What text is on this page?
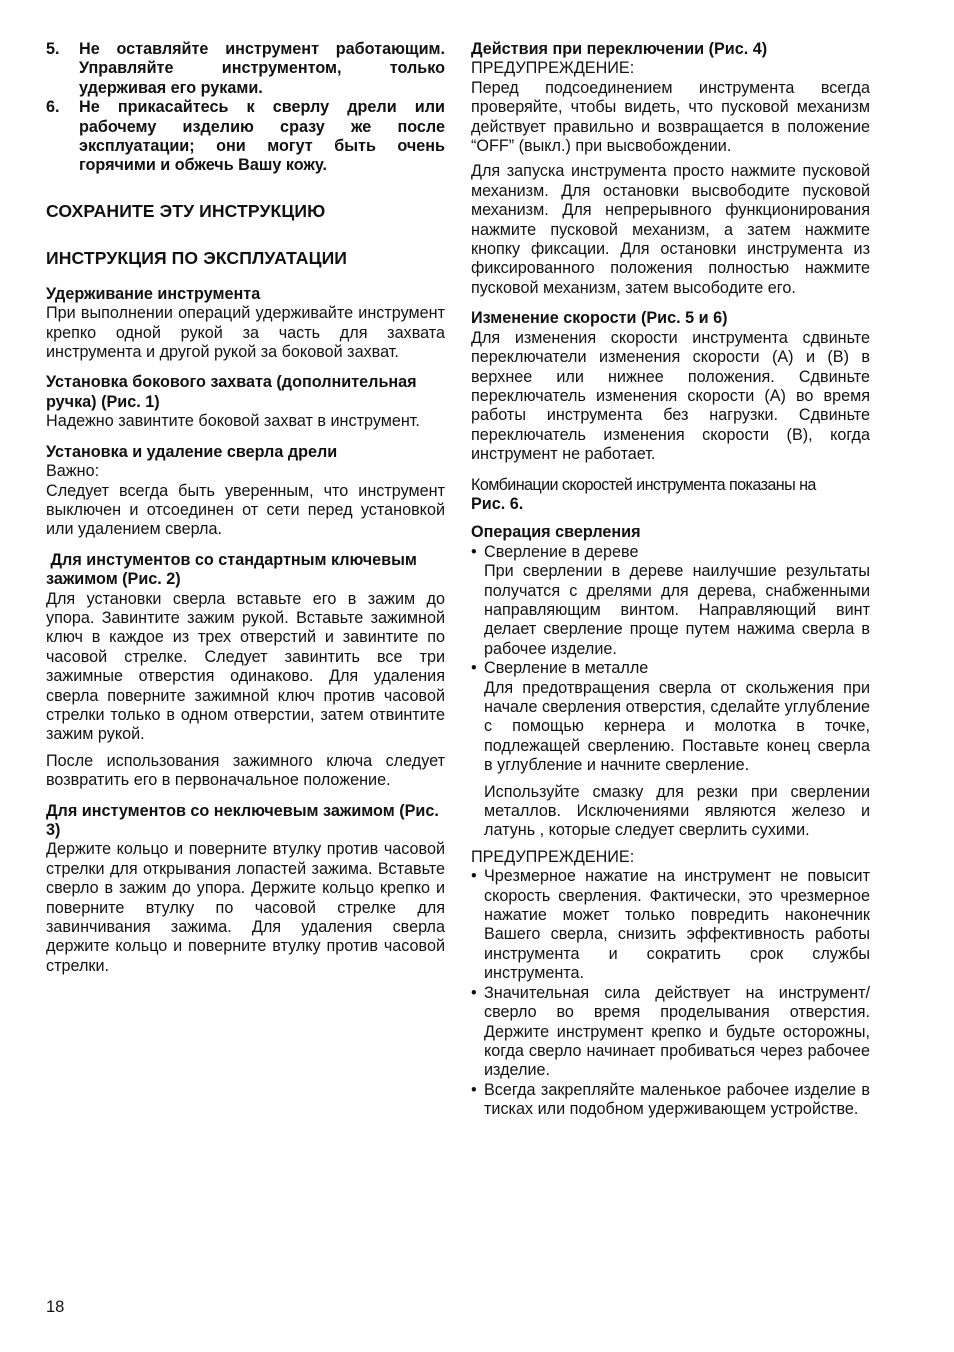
5.	Не оставляйте инструмент работающим. Управляйте инструментом, только удерживая его руками.
6.	Не прикасайтесь к сверлу дрели или рабочему изделию сразу же после эксплуатации; они могут быть очень горячими и обжечь Вашу кожу.

СОХРАНИТЕ ЭТУ ИНСТРУКЦИЮ

ИНСТРУКЦИЯ ПО ЭКСПЛУАТАЦИИ

Удерживание инструмента

При выполнении операций удерживайте инструмент крепко одной рукой за часть для захвата инструмента и другой рукой за боковой захват.

Установка бокового захвата (дополнительная ручка) (Рис. 1)

Надежно завинтите боковой захват в инструмент.

Установка и удаление сверла дрели

Важно:

Следует всегда быть уверенным, что инструмент выключен и отсоединен от сети перед установкой или удалением сверла.

Для инстументов со стандартным ключевым зажимом (Рис. 2)

Для установки сверла вставьте его в зажим до упора. Завинтите зажим рукой. Вставьте зажимной ключ в каждое из трех отверстий и завинтите по часовой стрелке. Следует завинтить все три зажимные отверстия одинаково. Для удаления сверла поверните зажимной ключ против часовой стрелки только в одном отверстии, затем отвинтите зажим рукой.

После использования зажимного ключа следует возвратить его в первоначальное положение.

Для инстументов со неключевым зажимом (Рис. 3)

Держите кольцо и поверните втулку против часовой стрелки для открывания лопастей зажима. Вставьте сверло в зажим до упора. Держите кольцо крепко и поверните втулку по часовой стрелке для завинчивания зажима. Для удаления сверла держите кольцо и поверните втулку против часовой стрелки.

Действия при переключении (Рис. 4)

ПРЕДУПРЕЖДЕНИЕ:

Перед подсоединением инструмента всегда проверяйте, чтобы видеть, что пусковой механизм действует правильно и возвращается в положение “OFF” (выкл.) при высвобождении.

Для запуска инструмента просто нажмите пусковой механизм. Для остановки высвободите пусковой механизм. Для непрерывного функционирования нажмите пусковой механизм, а затем нажмите кнопку фиксации. Для остановки инструмента из фиксированного положения полностью нажмите пусковой механизм, затем высободите его.

Изменение скорости (Рис. 5 и 6)

Для изменения скорости инструмента сдвиньте переключатели изменения скорости (A) и (B) в верхнее или нижнее положения. Сдвиньте переключатель изменения скорости (A) во время работы инструмента без нагрузки. Сдвиньте переключатель изменения скорости (B), когда инструмент не работает.

Комбинации скоростей инструмента показаны на

Рис. 6.

Операция сверления

• Сверление в дереве

При сверлении в дереве наилучшие результаты получатся с дрелями для дерева, снабженными направляющим винтом. Направляющий винт делает сверление проще путем нажима сверла в рабочее изделие.

• Сверление в металле

Для предотвращения сверла от скольжения при начале сверления отверстия, сделайте углубление с помощью кернера и молотка в точке, подлежащей сверлению. Поставьте конец сверла в углубление и начните сверление.

Используйте смазку для резки при сверлении металлов. Исключениями являются железо и латунь , которые следует сверлить сухими.

ПРЕДУПРЕЖДЕНИЕ:

• Чрезмерное нажатие на инструмент не повысит скорость сверления. Фактически, это чрезмерное нажатие может только повредить наконечник Вашего сверла, снизить эффективность работы инструмента и сократить срок службы инструмента.
• Значительная сила действует на инструмент/ сверло во время проделывания отверстия. Держите инструмент крепко и будьте осторожны, когда сверло начинает пробиваться через рабочее изделие.
• Всегда закрепляйте маленькое рабочее изделие в тисках или подобном удерживающем устройстве.
18
